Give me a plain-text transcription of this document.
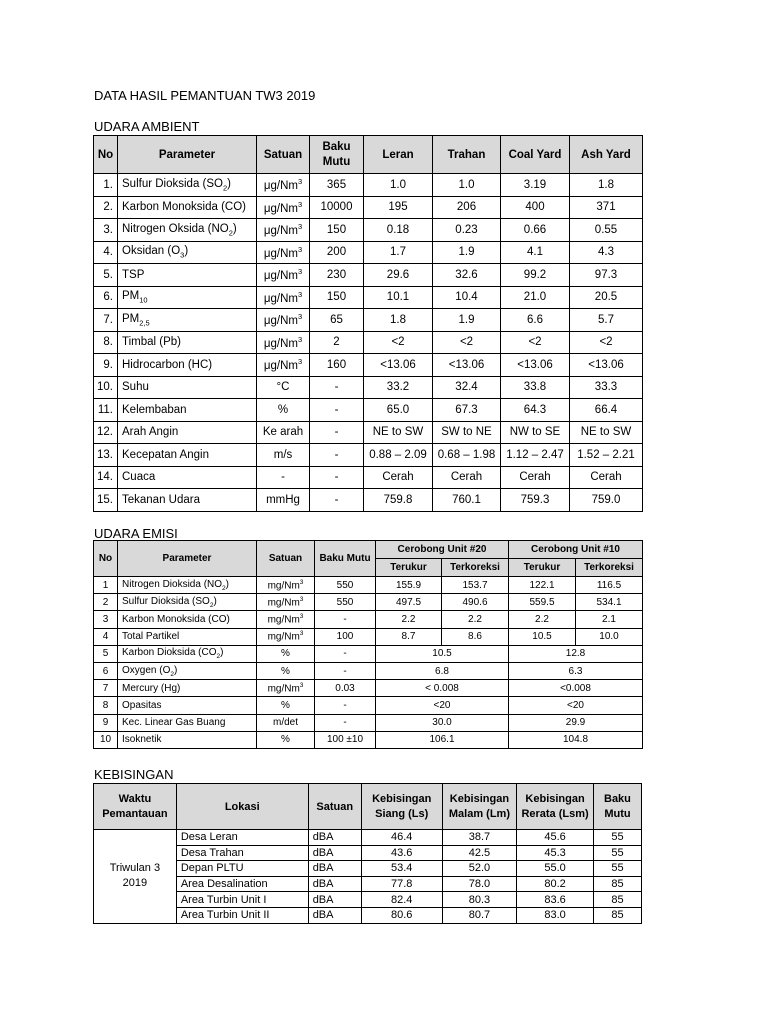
DATA HASIL PEMANTUAN TW3 2019
UDARA AMBIENT
No	Parameter	Satuan	Baku Mutu	Leran	Trahan	Coal Yard	Ash Yard
1.	Sulfur Dioksida $(SO_2)$	μg/Nm$^3$	365	1.0	1.0	3.19	1.8
2.	Karbon Monoksida (CO)	μg/Nm$^3$	10000	195	206	400	371
3.	Nitrogen Oksida $(NO_2)$	μg/Nm$^3$	150	0.18	0.23	0.66	0.55
4.	Oksidan $(O_3)$	μg/Nm$^3$	200	1.7	1.9	4.1	4.3
5.	TSP	μg/Nm$^3$	230	29.6	32.6	99.2	97.3
6.	$PM_{10}$	μg/Nm$^3$	150	10.1	10.4	21.0	20.5
7.	$PM_{2,5}$	μg/Nm$^3$	65	1.8	1.9	6.6	5.7
8.	Timbal (Pb)	μg/Nm$^3$	2	<2	<2	<2	<2
9.	Hidrocarbon (HC)	μg/Nm$^3$	160	<13.06	<13.06	<13.06	<13.06
10.	Suhu	°C	-	33.2	32.4	33.8	33.3
11.	Kelembaban	%	-	65.0	67.3	64.3	66.4
12.	Arah Angin	Ke arah	-	NE to SW	SW to NE	NW to SE	NE to SW
13.	Kecepatan Angin	m/s	-	0.88 – 2.09	0.68 – 1.98	1.12 – 2.47	1.52 – 2.21
14.	Cuaca	-	-	Cerah	Cerah	Cerah	Cerah
15.	Tekanan Udara	mmHg	-	759.8	760.1	759.3	759.0
UDARA EMISI
No	Parameter	Satuan	Baku Mutu	Cerobong Unit #20		Cerobong Unit #10	
				Terukur	Terkoreksi	Terukur	Terkoreksi
1	Nitrogen Dioksida $(NO_2)$	mg/Nm$^3$	550	155.9	153.7	122.1	116.5
2	Sulfur Dioksida $(SO_2)$	mg/Nm$^3$	550	497.5	490.6	559.5	534.1
3	Karbon Monoksida (CO)	mg/Nm$^3$	-	2.2	2.2	2.2	2.1
4	Total Partikel	mg/Nm$^3$	100	8.7	8.6	10.5	10.0
5	Karbon Dioksida $(CO_2)$	%	-	10.5		12.8	
6	Oxygen $(O_2)$	%	-	6.8		6.3	
7	Mercury (Hg)	mg/Nm$^3$	0.03	< 0.008		<0.008	
8	Opasitas	%	-	<20		<20	
9	Kec. Linear Gas Buang	m/det	-	30.0		29.9	
10	Isoknetik	%	100 ±10	106.1		104.8	
KEBISINGAN
Waktu Pemantauan	Lokasi	Satuan	Kebisingan Siang (Ls)	Kebisingan Malam (Lm)	Kebisingan Rerata (Lsm)	Baku Mutu
Triwulan 3 2019	Desa Leran	dBA	46.4	38.7	45.6	55
	Desa Trahan	dBA	43.6	42.5	45.3	55
	Depan PLTU	dBA	53.4	52.0	55.0	55
	Area Desalination	dBA	77.8	78.0	80.2	85
	Area Turbin Unit I	dBA	82.4	80.3	83.6	85
	Area Turbin Unit II	dBA	80.6	80.7	83.0	85
